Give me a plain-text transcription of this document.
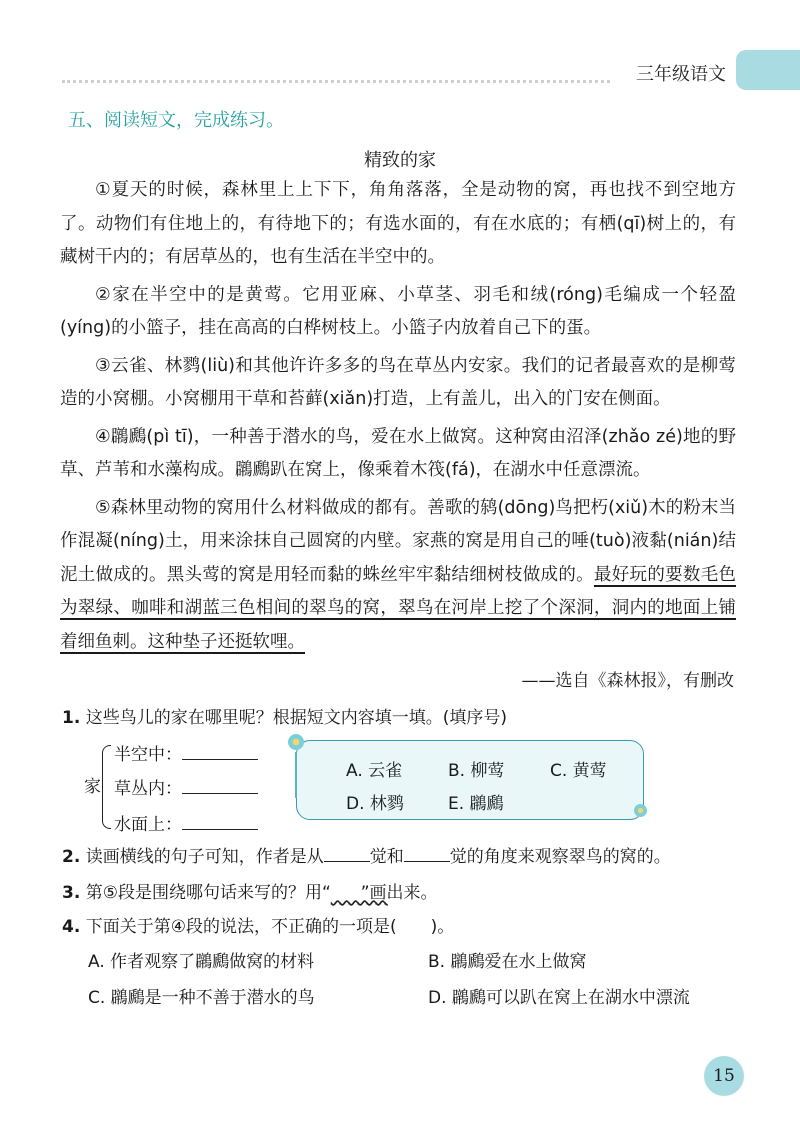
三年级语文
五、阅读短文，完成练习。
精致的家

①夏天的时候，森林里上上下下，角角落落，全是动物的窝，再也找不到空地方了。动物们有住地上的，有待地下的；有选水面的，有在水底的；有栖(qī)树上的，有藏树干内的；有居草丛的，也有生活在半空中的。

②家在半空中的是黄莺。它用亚麻、小草茎、羽毛和绒(róng)毛编成一个轻盈(yíng)的小篮子，挂在高高的白桦树枝上。小篮子内放着自己下的蛋。

③云雀、林鹨(liù)和其他许许多多的鸟在草丛内安家。我们的记者最喜欢的是柳莺造的小窝棚。小窝棚用干草和苔藓(xiǎn)打造，上有盖儿，出入的门安在侧面。

④鸊鷉(pì tī)，一种善于潜水的鸟，爱在水上做窝。这种窝由沼泽(zhǎo zé)地的野草、芦苇和水藻构成。鸊鷉趴在窝上，像乘着木筏(fá)，在湖水中任意漂流。

⑤森林里动物的窝用什么材料做成的都有。善歌的鸫(dōng)鸟把朽(xiǔ)木的粉末当作混凝(níng)土，用来涂抹自己圆窝的内壁。家燕的窝是用自己的唾(tuò)液黏(nián)结泥土做成的。黑头莺的窝是用轻而黏的蛛丝牢牢黏结细树枝做成的。最好玩的要数毛色为翠绿、咖啡和湖蓝三色相间的翠鸟的窝，翠鸟在河岸上挖了个深洞，洞内的地面上铺着细鱼刺。这种垫子还挺软哩。

——选自《森林报》，有删改
1. 这些鸟儿的家在哪里呢？根据短文内容填一填。(填序号)
家
半空中：
草丛内：
水面上：
A. 云雀	B. 柳莺	C. 黄莺
D. 林鹨	E. 鸊鷉
2. 读画横线的句子可知，作者是从	觉和	觉的角度来观察翠鸟的窝的。
3. 第⑤段是围绕哪句话来写的？用“ ”画出来。
4. 下面关于第④段的说法，不正确的一项是( )。
A. 作者观察了鸊鷉做窝的材料	B. 鸊鷉爱在水上做窝
C. 鸊鷉是一种不善于潜水的鸟	D. 鸊鷉可以趴在窝上在湖水中漂流
15
